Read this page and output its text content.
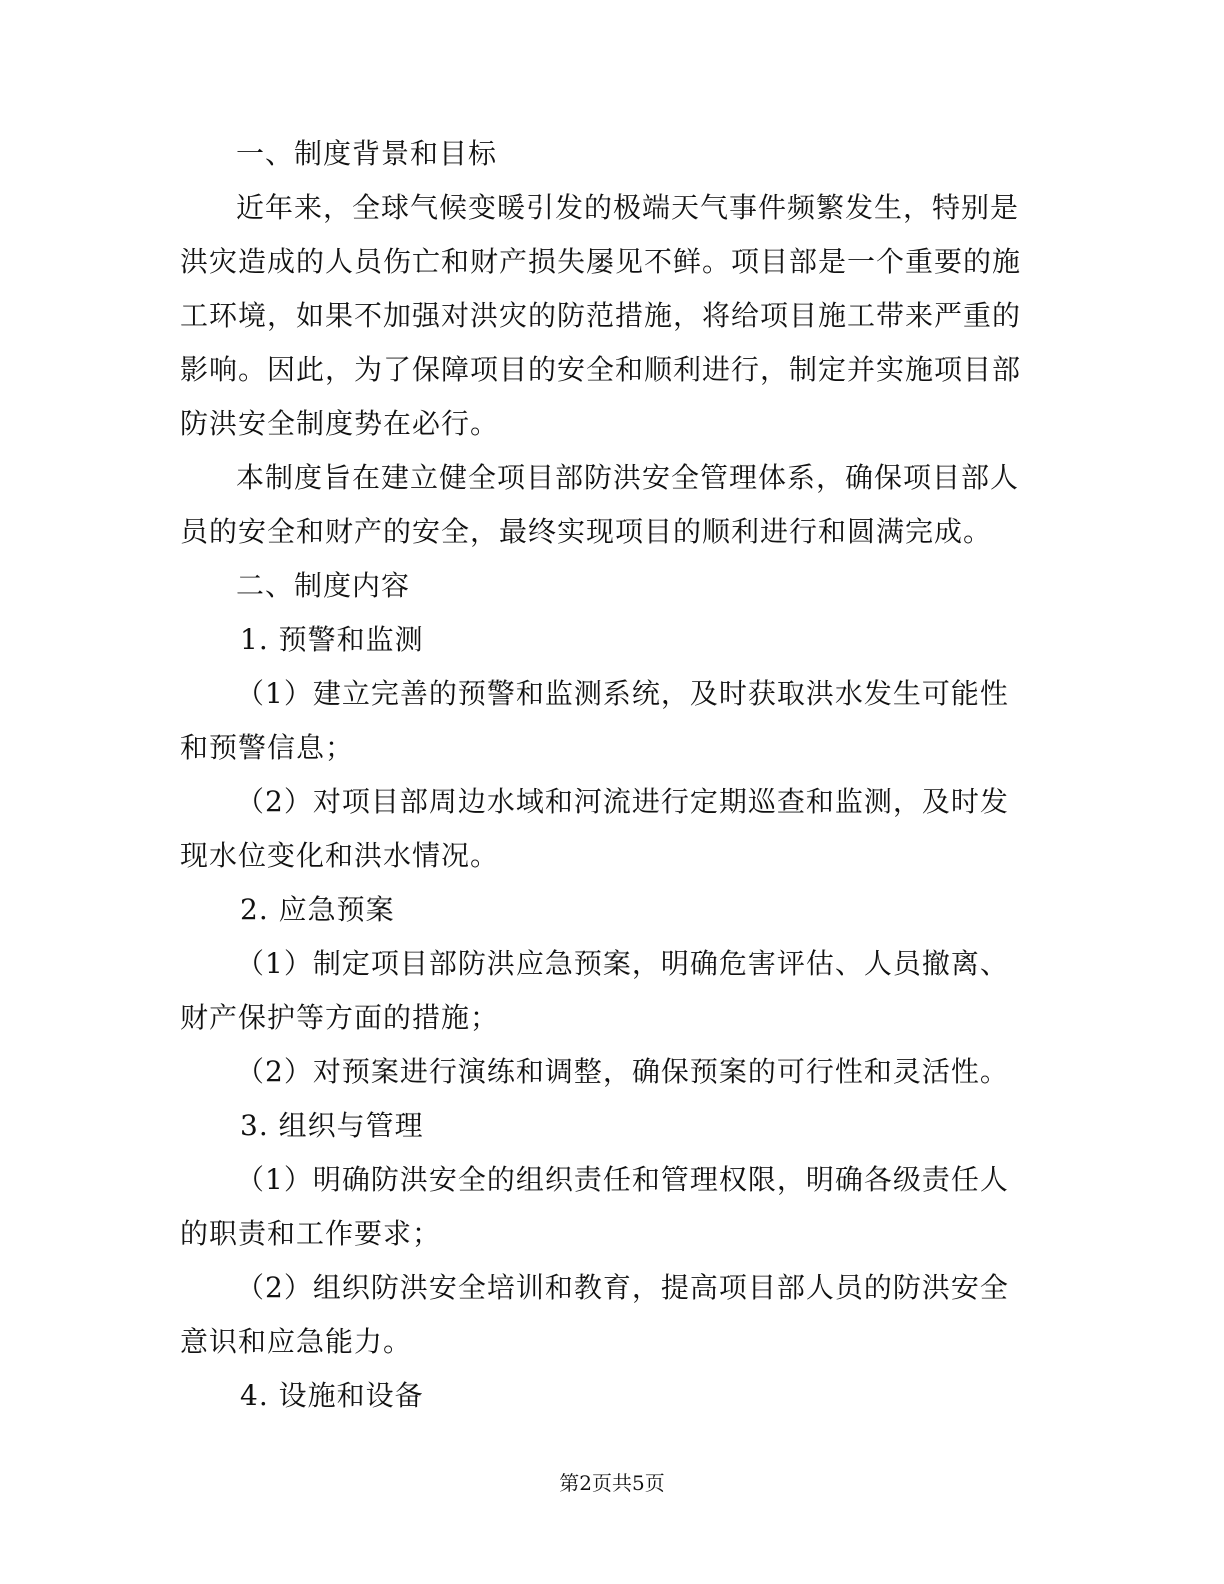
一、制度背景和目标

近年来，全球气候变暖引发的极端天气事件频繁发生，特别是洪灾造成的人员伤亡和财产损失屡见不鲜。项目部是一个重要的施工环境，如果不加强对洪灾的防范措施，将给项目施工带来严重的影响。因此，为了保障项目的安全和顺利进行，制定并实施项目部防洪安全制度势在必行。

本制度旨在建立健全项目部防洪安全管理体系，确保项目部人员的安全和财产的安全，最终实现项目的顺利进行和圆满完成。

二、制度内容

1. 预警和监测

（1）建立完善的预警和监测系统，及时获取洪水发生可能性和预警信息；

（2）对项目部周边水域和河流进行定期巡查和监测，及时发现水位变化和洪水情况。

2. 应急预案

（1）制定项目部防洪应急预案，明确危害评估、人员撤离、财产保护等方面的措施；

（2）对预案进行演练和调整，确保预案的可行性和灵活性。

3. 组织与管理

（1）明确防洪安全的组织责任和管理权限，明确各级责任人的职责和工作要求；

（2）组织防洪安全培训和教育，提高项目部人员的防洪安全意识和应急能力。

4. 设施和设备

第2页共5页
